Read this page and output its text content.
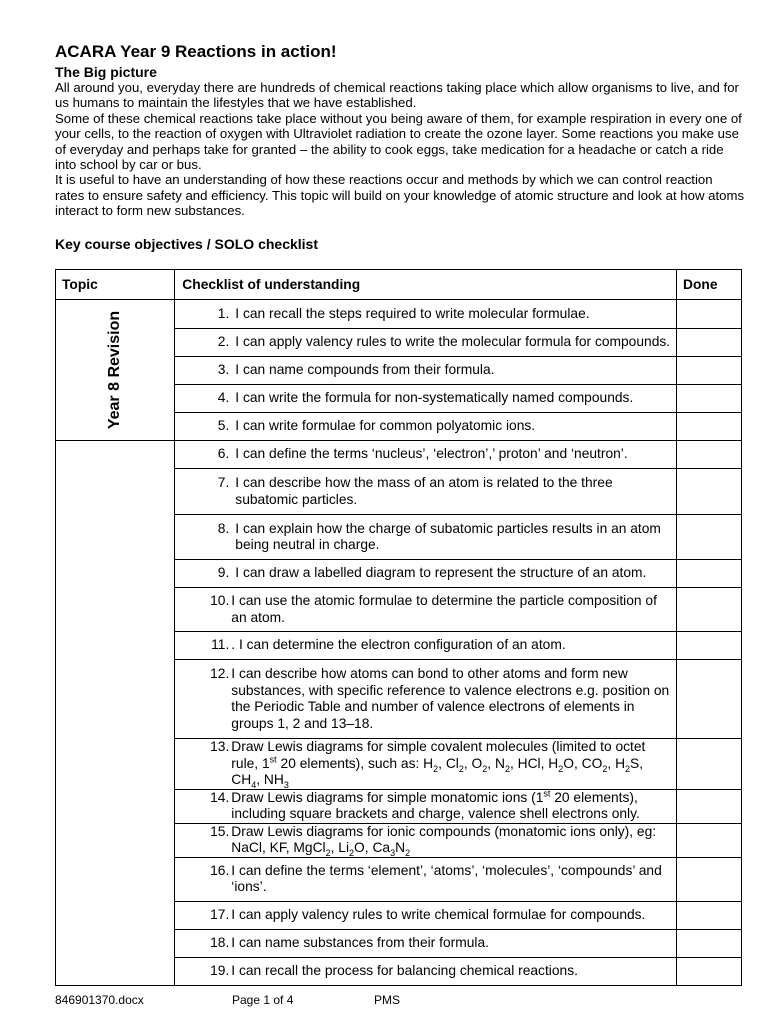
ACARA Year 9 Reactions in action!

The Big picture

All around you, everyday there are hundreds of chemical reactions taking place which allow organisms to live, and for us humans to maintain the lifestyles that we have established.

Some of these chemical reactions take place without you being aware of them, for example respiration in every one of your cells, to the reaction of oxygen with Ultraviolet radiation to create the ozone layer. Some reactions you make use of everyday and perhaps take for granted – the ability to cook eggs, take medication for a headache or catch a ride into school by car or bus.

It is useful to have an understanding of how these reactions occur and methods by which we can control reaction rates to ensure safety and efficiency. This topic will build on your knowledge of atomic structure and look at how atoms interact to form new substances.

Key course objectives / SOLO checklist

Topic	Checklist of understanding	Done
Year 8 Revision	1. I can recall the steps required to write molecular formulae.	

	2. I can apply valency rules to write the molecular formula for compounds.	

	3. I can name compounds from their formula.	

	4. I can write the formula for non-systematically named compounds.	

	5. I can write formulae for common polyatomic ions.	

	6. I can define the terms ‘nucleus’, ‘electron’,’ proton’ and ‘neutron’.	

	7. I can describe how the mass of an atom is related to the three subatomic particles.	

	8. I can explain how the charge of subatomic particles results in an atom being neutral in charge.	

	9. I can draw a labelled diagram to represent the structure of an atom.	

	10. I can use the atomic formulae to determine the particle composition of an atom.	

	11. . I can determine the electron configuration of an atom.	

	12. I can describe how atoms can bond to other atoms and form new substances, with specific reference to valence electrons e.g. position on the Periodic Table and number of valence electrons of elements in groups 1, 2 and 13–18.	

	13. Draw Lewis diagrams for simple covalent molecules (limited to octet rule, 1st 20 elements), such as: $H_2$, $Cl_2$, $O_2$, $N_2$, HCl, $H_2O$, $CO_2$, $H_2S$, $CH_4$, $NH_3$

	14. Draw Lewis diagrams for simple monatomic ions (1st 20 elements), including square brackets and charge, valence shell electrons only.	

	15. Draw Lewis diagrams for ionic compounds (monatomic ions only), eg: NaCl, KF, MgCl$_2$, $Li_2O$, $Ca_3N_2$

	16. I can define the terms ‘element’, ‘atoms’, ‘molecules’, ‘compounds’ and ‘ions’.	

	17. I can apply valency rules to write chemical formulae for compounds.	

	18. I can name substances from their formula.	

	19. I can recall the process for balancing chemical reactions.	

846901370.docx	Page 1 of 4	PMS
